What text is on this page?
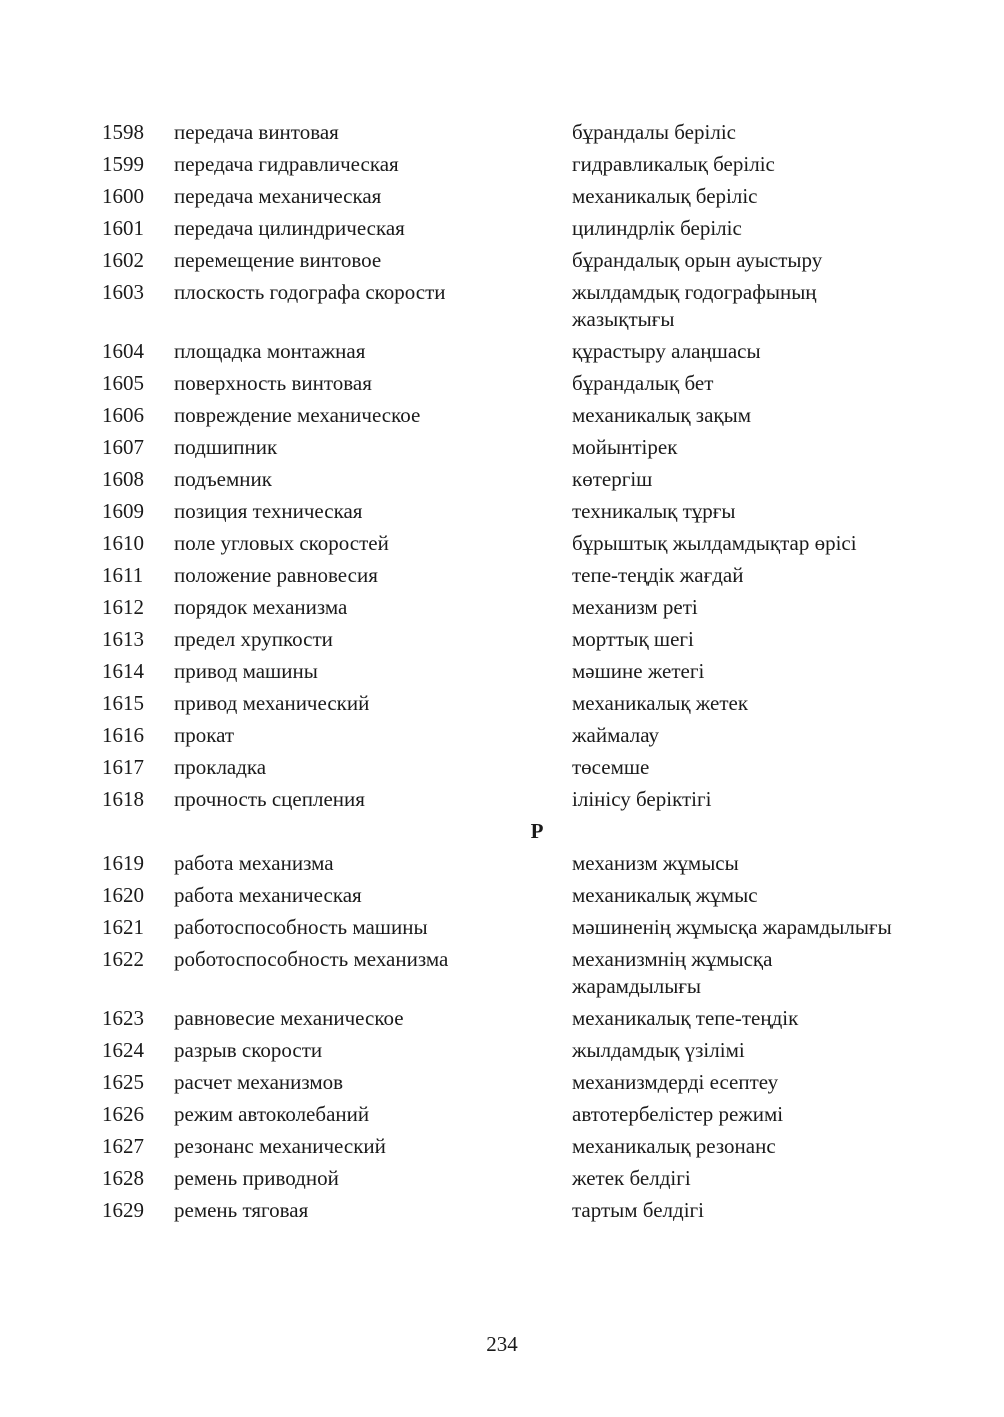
1598 передача винтовая	бұрандалы беріліс
1599 передача гидравлическая	гидравликалық беріліс
1600 передача механическая	механикалық беріліс
1601 передача цилиндрическая	цилиндрлік беріліс
1602 перемещение винтовое	бұрандалық орын ауыстыру
1603 плоскость годографа скорости	жылдамдық годографының жазықтығы
1604 площадка монтажная	құрастыру алаңшасы
1605 поверхность винтовая	бұрандалық бет
1606 повреждение механическое	механикалық зақым
1607 подшипник	мойынтірек
1608 подъемник	көтергіш
1609 позиция техническая	техникалық тұрғы
1610 поле угловых скоростей	бұрыштық жылдамдықтар өрісі
1611 положение равновесия	тепе-теңдік жағдай
1612 порядок механизма	механизм реті
1613 предел хрупкости	морттық шегі
1614 привод машины	мәшине жетегі
1615 привод механический	механикалық жетек
1616 прокат	жаймалау
1617 прокладка	төсемше
1618 прочность сцепления	ілінісу беріктігі
Р
1619 работа механизма	механизм жұмысы
1620 работа механическая	механикалық жұмыс
1621 работоспособность машины	мәшиненің жұмысқа жарамдылығы
1622 роботоспособность механизма	механизмнің жұмысқа жарамдылығы
1623 равновесие механическое	механикалық тепе-теңдік
1624 разрыв скорости	жылдамдық үзілімі
1625 расчет механизмов	механизмдерді есептеу
1626 режим автоколебаний	автотербелістер режимі
1627 резонанс механический	механикалық резонанс
1628 ремень приводной	жетек белдігі
1629 ремень тяговая	тартым белдігі
234
